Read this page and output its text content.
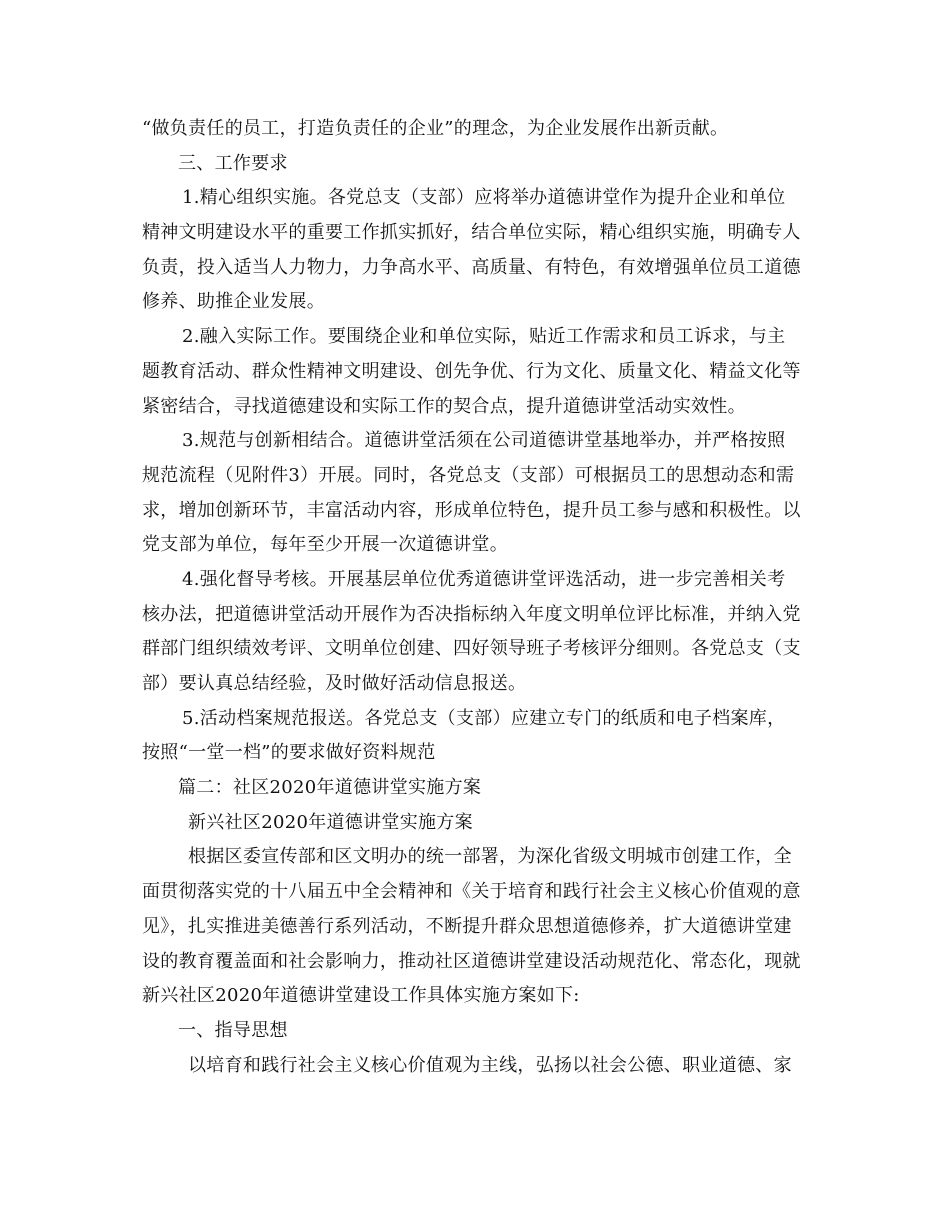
“做负责任的员工，打造负责任的企业”的理念，为企业发展作出新贡献。
三、工作要求
1.精心组织实施。各党总支（支部）应将举办道德讲堂作为提升企业和单位
精神文明建设水平的重要工作抓实抓好，结合单位实际，精心组织实施，明确专人
负责，投入适当人力物力，力争高水平、高质量、有特色，有效增强单位员工道德
修养、助推企业发展。
2.融入实际工作。要围绕企业和单位实际，贴近工作需求和员工诉求，与主
题教育活动、群众性精神文明建设、创先争优、行为文化、质量文化、精益文化等
紧密结合，寻找道德建设和实际工作的契合点，提升道德讲堂活动实效性。
3.规范与创新相结合。道德讲堂活须在公司道德讲堂基地举办，并严格按照
规范流程（见附件3）开展。同时，各党总支（支部）可根据员工的思想动态和需
求，增加创新环节，丰富活动内容，形成单位特色，提升员工参与感和积极性。以
党支部为单位，每年至少开展一次道德讲堂。
4.强化督导考核。开展基层单位优秀道德讲堂评选活动，进一步完善相关考
核办法，把道德讲堂活动开展作为否决指标纳入年度文明单位评比标准，并纳入党
群部门组织绩效考评、文明单位创建、四好领导班子考核评分细则。各党总支（支
部）要认真总结经验，及时做好活动信息报送。
5.活动档案规范报送。各党总支（支部）应建立专门的纸质和电子档案库，
按照“一堂一档”的要求做好资料规范
篇二：社区2020年道德讲堂实施方案
新兴社区2020年道德讲堂实施方案
根据区委宣传部和区文明办的统一部署，为深化省级文明城市创建工作，全
面贯彻落实党的十八届五中全会精神和《关于培育和践行社会主义核心价值观的意
见》，扎实推进美德善行系列活动，不断提升群众思想道德修养，扩大道德讲堂建
设的教育覆盖面和社会影响力，推动社区道德讲堂建设活动规范化、常态化，现就
新兴社区2020年道德讲堂建设工作具体实施方案如下:
一、指导思想
以培育和践行社会主义核心价值观为主线，弘扬以社会公德、职业道德、家
